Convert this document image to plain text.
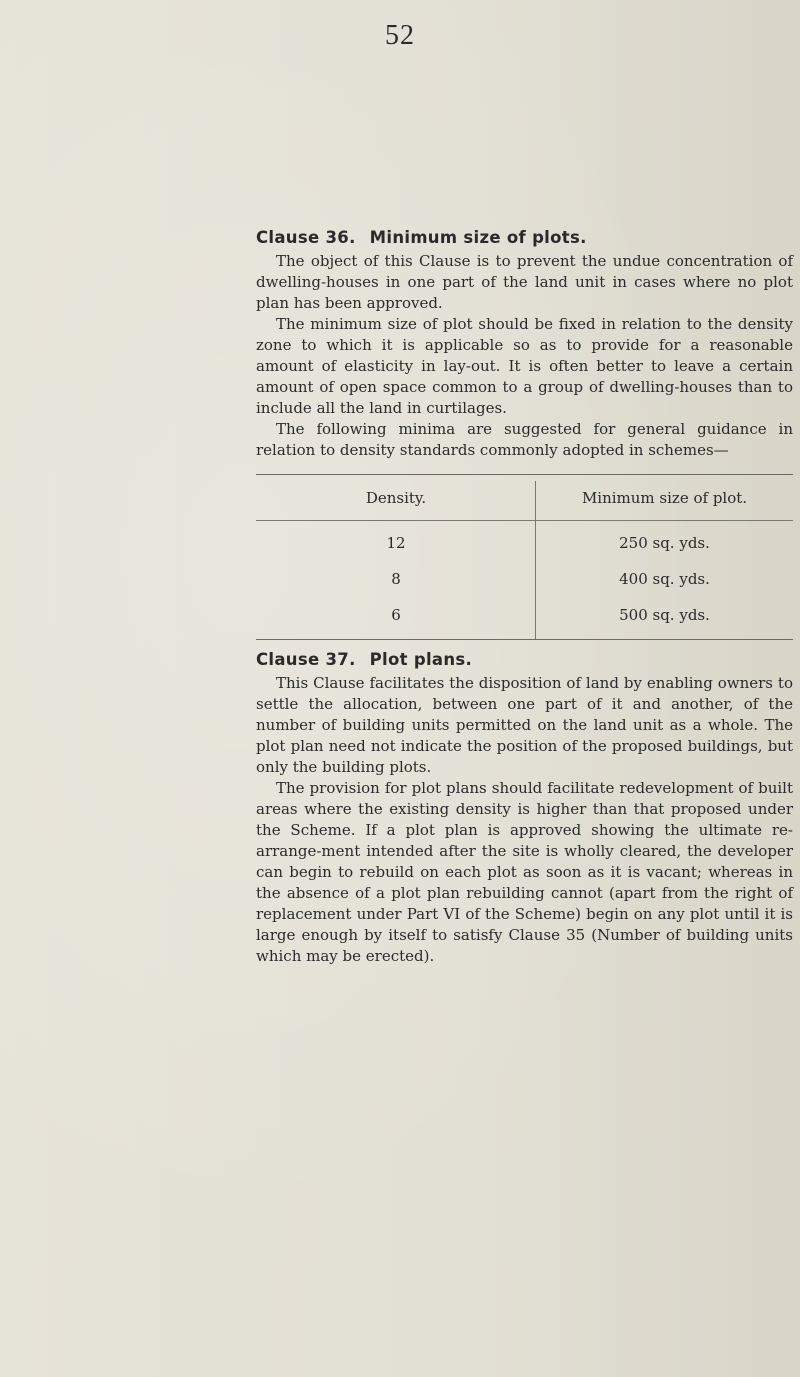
52
Clause 36. Minimum size of plots.

The object of this Clause is to prevent the undue concentration of dwelling-houses in one part of the land unit in cases where no plot plan has been approved.

The minimum size of plot should be fixed in relation to the density zone to which it is applicable so as to provide for a reasonable amount of elasticity in lay-out. It is often better to leave a certain amount of open space common to a group of dwelling-houses than to include all the land in curtilages.

The following minima are suggested for general guidance in relation to density standards commonly adopted in schemes—

Density.	Minimum size of plot.
12	250 sq. yds.
8	400 sq. yds.
6	500 sq. yds.
Clause 37. Plot plans.

This Clause facilitates the disposition of land by enabling owners to settle the allocation, between one part of it and another, of the number of building units permitted on the land unit as a whole. The plot plan need not indicate the position of the proposed buildings, but only the building plots.

The provision for plot plans should facilitate redevelopment of built areas where the existing density is higher than that proposed under the Scheme. If a plot plan is approved showing the ultimate re-arrange-ment intended after the site is wholly cleared, the developer can begin to rebuild on each plot as soon as it is vacant; whereas in the absence of a plot plan rebuilding cannot (apart from the right of replacement under Part VI of the Scheme) begin on any plot until it is large enough by itself to satisfy Clause 35 (Number of building units which may be erected).
